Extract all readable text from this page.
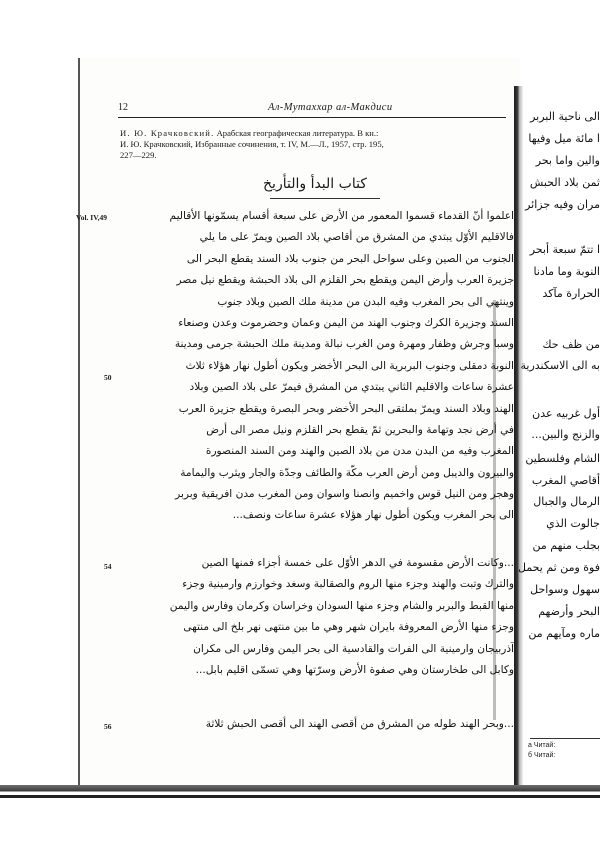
12	Ал-Мутаххар ал-Макдиси
И. Ю. Крачковский. Арабская географическая литература. В кн.:
И. Ю. Крачковский, Избранные сочинения, т. IV, М.—Л., 1957, стр. 195,
227—229.
كتاب البدأ والتأريخ
Vol. IV,49
50
54
56
اعلموا أنّ القدماء قسموا المعمور من الأرض على سبعة أقسام يسمّونها الأقاليم
فالاقليم الأوّل يبتدي من المشرق من أقاصي بلاد الصين ويمرّ على ما يلي
الجنوب من الصين وعلى سواحل البحر من جنوب بلاد السند يقطع البحر الى
جزيرة العرب وأرض اليمن ويقطع بحر القلزم الى بلاد الحبشة ويقطع نيل مصر
وينتهي الى بحر المغرب وفيه البدن من مدينة ملك الصين وبلاد جنوب
السند وجزيرة الكرك وجنوب الهند من اليمن وعمان وحضرموت وعدن وصنعاء
وسبا وجرش وظفار ومهرة ومن الغرب نبالة ومدينة ملك الحبشة جرمى ومدينة
النوبة دمقلى وجنوب البربرية الى البحر الأخضر ويكون أطول نهار هؤلاء ثلاث
عشرة ساعات والاقليم الثاني يبتدي من المشرق فيمرّ على بلاد الصين وبلاد
الهند وبلاد السند ويمرّ بملتقى البحر الأخضر وبحر البصرة ويقطع جزيرة العرب
في أرض نجد وتهامة والبحرين ثمّ يقطع بحر القلزم ونيل مصر الى أرض
المغرب وفيه من البدن مدن من بلاد الصين والهند ومن السند المنصورة
والبيرون والديبل ومن أرض العرب مكّة والطائف وجدّة والجار ويثرب واليمامة
وهجر ومن النيل قوس واخميم وانصنا واسوان ومن المغرب مدن افريقية وبربر
الى بحر المغرب ويكون أطول نهار هؤلاء عشرة ساعات ونصف...
...وكانت الأرض مقسومة في الدهر الأوّل على خمسة أجزاء فمنها الصين
والترك وتبت والهند وجزء منها الروم والصقالبة وسغد وخوارزم وارمينية وجزء
منها القبط والبربر والشام وجزء منها السودان وخراسان وكرمان وفارس واليمن
وجزء منها الأرض المعروفة بايران شهر وهي ما بين منتهى نهر بلخ الى منتهى
آذربيجان وارمينية الى الفرات والقادسية الى بحر اليمن وفارس الى مكران
وكابل الى طخارستان وهي صفوة الأرض وسرّتها وهي تسمّى اقليم بابل...
...وبحر الهند طوله من المشرق من أقصى الهند الى أقصى الحبش ثلاثة
الى ناحية البربر
ا مائة ميل وفيها
والين واما بحر
ثمن بلاد الحبش
مران وفيه جزائر
ا تتمّ سبعة أبحر
النوبة وما مادنا
الحرارة مآكد
من ظف حك
به الى الاسكندرية
أول غربيه عدن
والزنج والبين...
الشام وفلسطين
أقاصي المغرب
الرمال والجبال
جالوت الذي
بجلب منهم من
فوة ومن ثم يحمل
سهول وسواحل
البحر وأرضهم
ماره ومآيهم من
а Читай:
б Читай:
